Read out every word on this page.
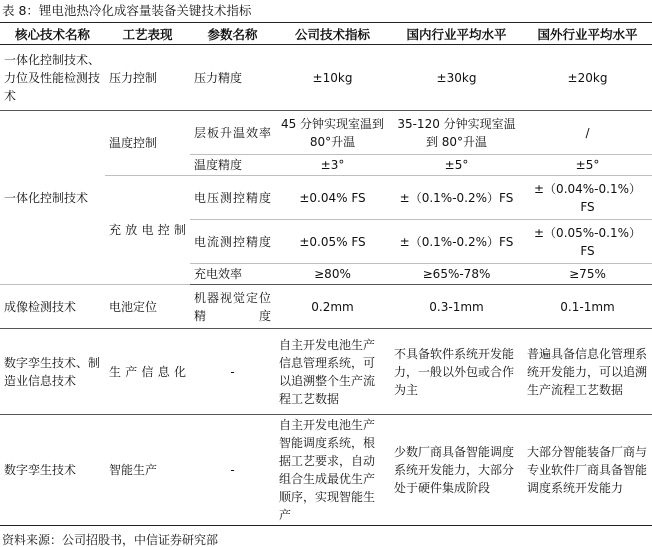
表 8：锂电池热冷化成容量装备关键技术指标
核心技术名称	工艺表现	参数名称	公司技术指标	国内行业平均水平	国外行业平均水平
一体化控制技术、力位及性能检测技术	压力控制	压力精度	±10kg	±30kg	±20kg
一体化控制技术	温度控制	层板升温效率	45 分钟实现室温到 80°升温	35-120 分钟实现室温到 80°升温	/
		温度精度	±3°	±5°	±5°
	充放电控制	电压测控精度	±0.04% FS	±（0.1%-0.2%）FS	±（0.04%-0.1%）FS
		电流测控精度	±0.05% FS	±（0.1%-0.2%）FS	±（0.05%-0.1%）FS
		充电效率	≥80%	≥65%-78%	≥75%
成像检测技术	电池定位	机器视觉定位精度	0.2mm	0.3-1mm	0.1-1mm
数字孪生技术、制造业信息技术	生产信息化	-	自主开发电池生产信息管理系统，可以追溯整个生产流程工艺数据	不具备软件系统开发能力，一般以外包或合作为主	普遍具备信息化管理系统开发能力，可以追溯生产流程工艺数据
数字孪生技术	智能生产	-	自主开发电池生产智能调度系统，根据工艺要求，自动组合生成最优生产顺序，实现智能生产	少数厂商具备智能调度系统开发能力，大部分处于硬件集成阶段	大部分智能装备厂商与专业软件厂商具备智能调度系统开发能力
资料来源：公司招股书，中信证券研究部
